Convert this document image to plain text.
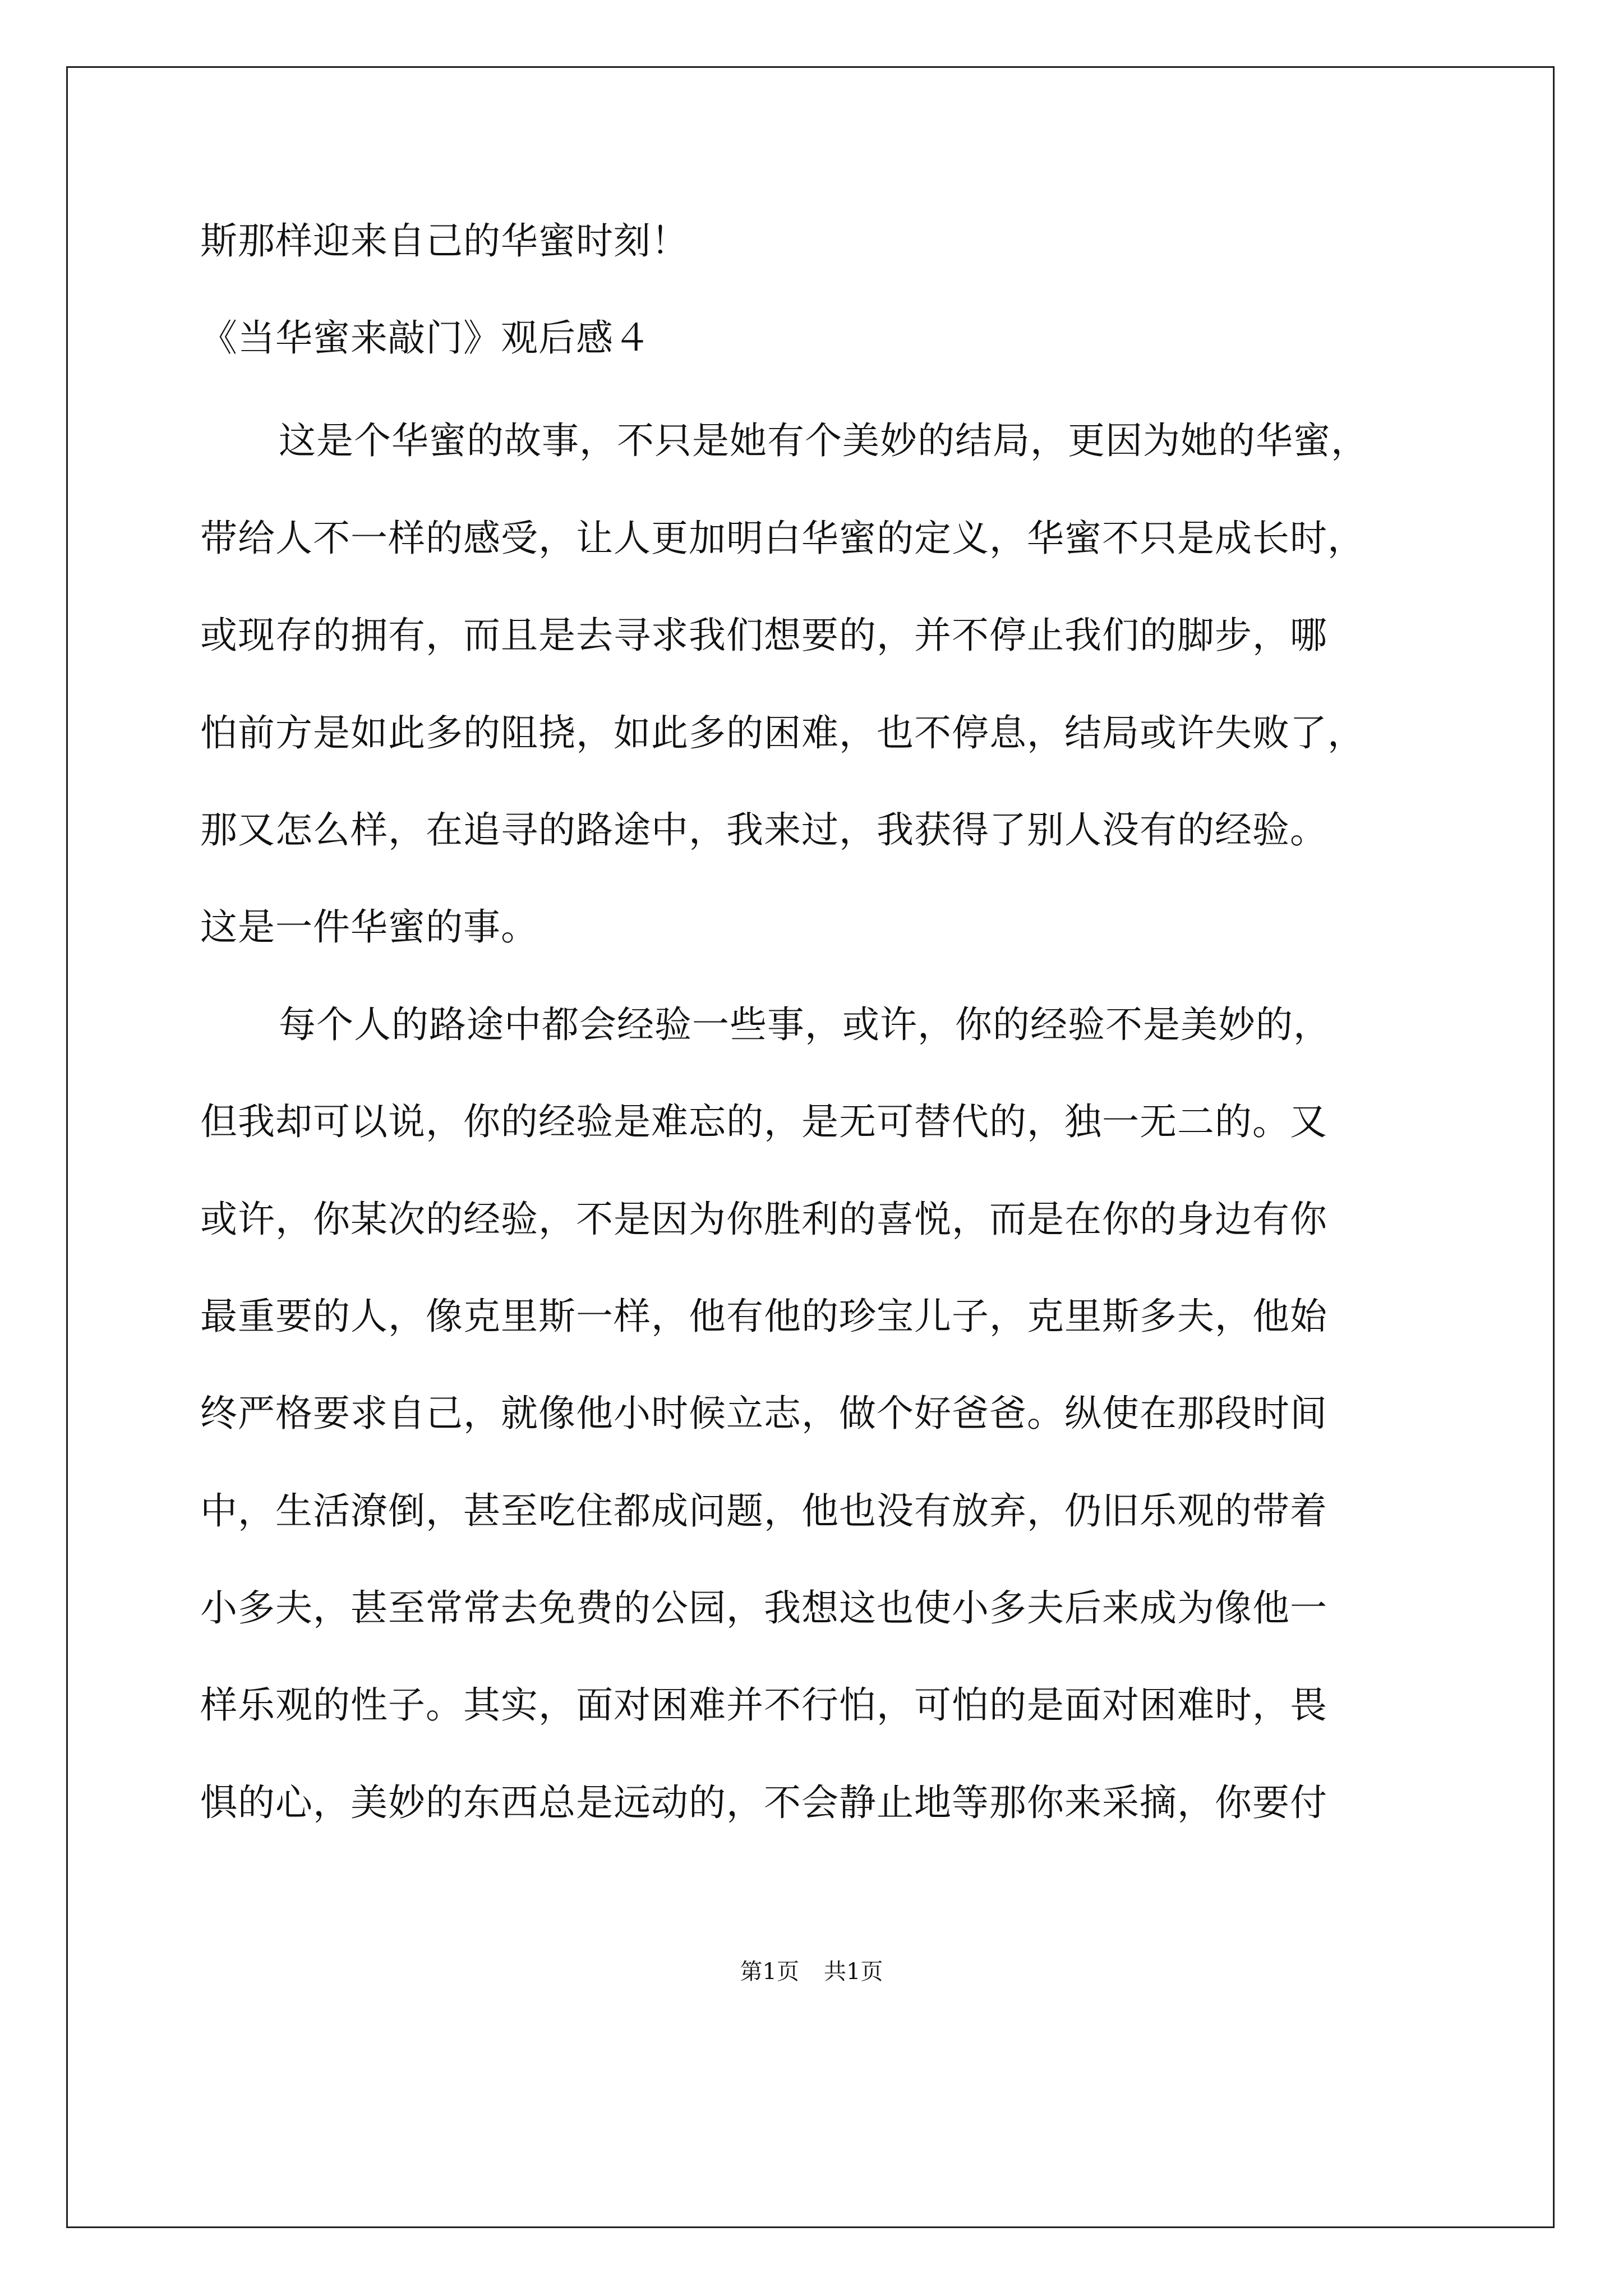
斯那样迎来自己的华蜜时刻！
《当华蜜来敲门》观后感４
这是个华蜜的故事，不只是她有个美妙的结局，更因为她的华蜜，
带给人不一样的感受，让人更加明白华蜜的定义，华蜜不只是成长时，
或现存的拥有，而且是去寻求我们想要的，并不停止我们的脚步，哪
怕前方是如此多的阻挠，如此多的困难，也不停息，结局或许失败了，
那又怎么样，在追寻的路途中，我来过，我获得了别人没有的经验。
这是一件华蜜的事。
每个人的路途中都会经验一些事，或许，你的经验不是美妙的，
但我却可以说，你的经验是难忘的，是无可替代的，独一无二的。又
或许，你某次的经验，不是因为你胜利的喜悦，而是在你的身边有你
最重要的人，像克里斯一样，他有他的珍宝儿子，克里斯多夫，他始
终严格要求自己，就像他小时候立志，做个好爸爸。纵使在那段时间
中，生活潦倒，甚至吃住都成问题，他也没有放弃，仍旧乐观的带着
小多夫，甚至常常去免费的公园，我想这也使小多夫后来成为像他一
样乐观的性子。其实，面对困难并不行怕，可怕的是面对困难时，畏
惧的心，美妙的东西总是远动的，不会静止地等那你来采摘，你要付
第1页 共1页
